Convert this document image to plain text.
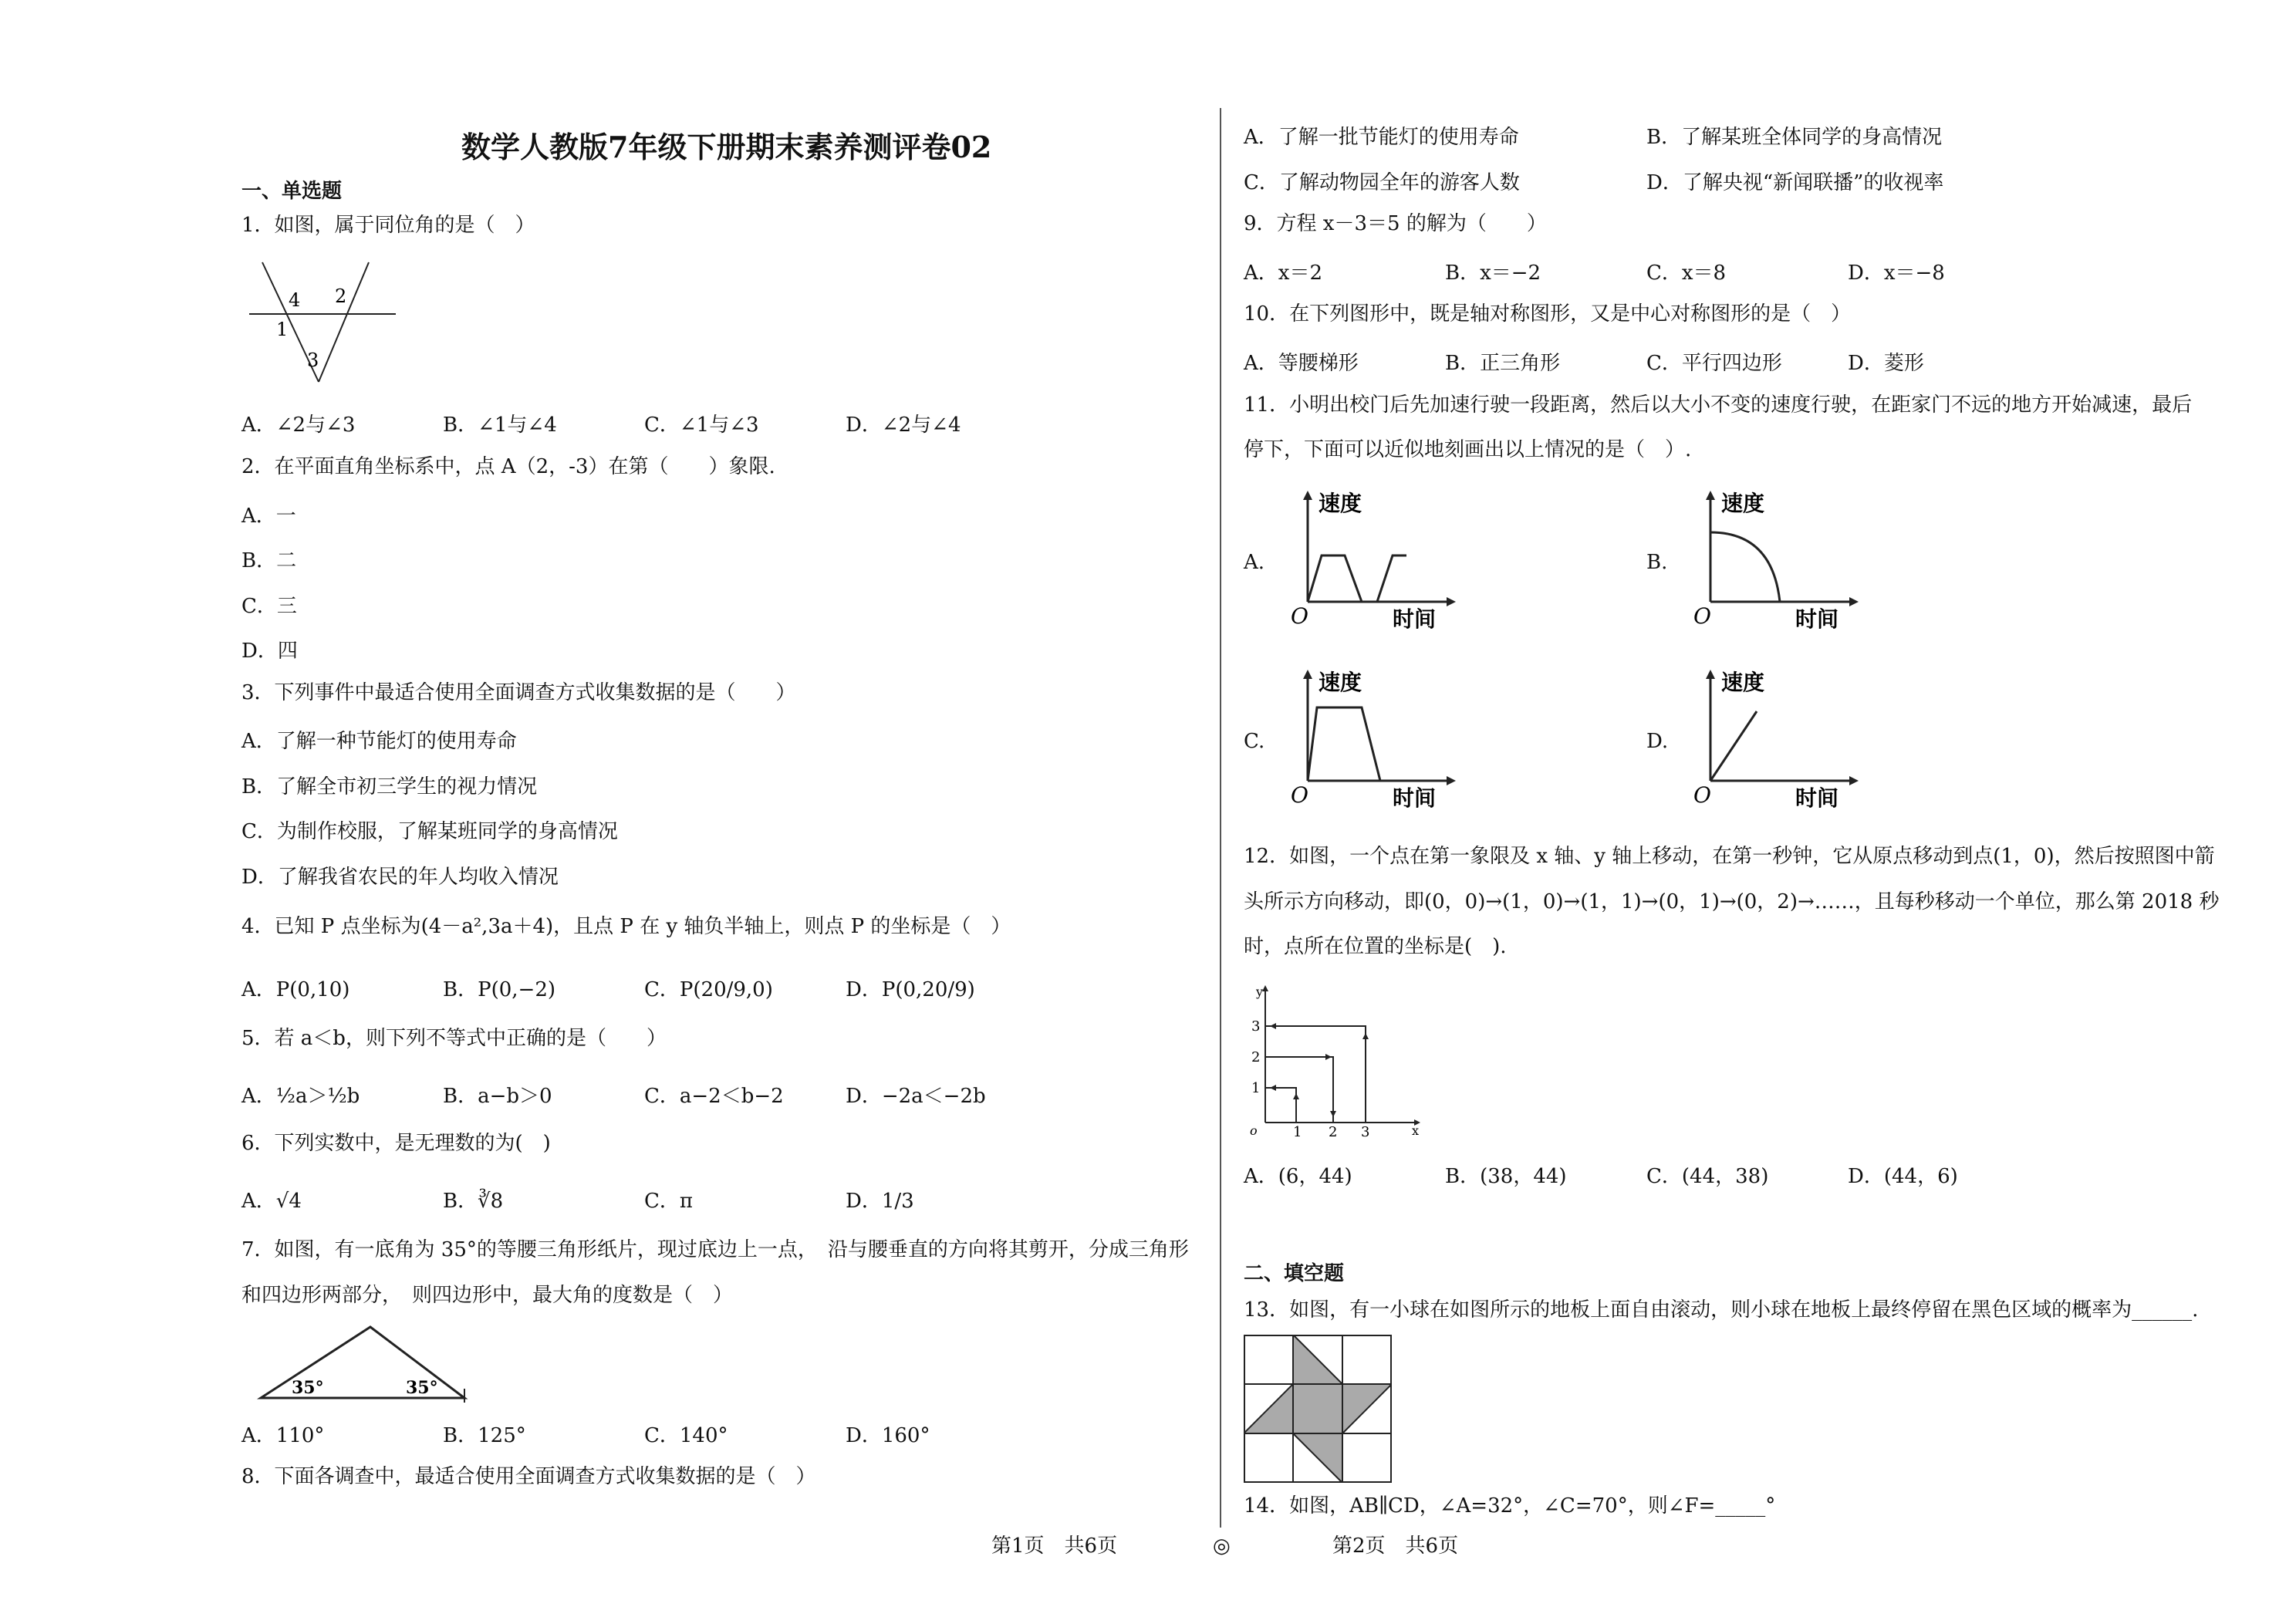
数学人教版7年级下册期末素养测评卷02
一、单选题
1．如图，属于同位角的是（　）
4 2
1
3
A．∠2与∠3	B．∠1与∠4	C．∠1与∠3	D．∠2与∠4
2．在平面直角坐标系中，点 A（2，-3）在第（　　）象限.
A．一
B．二
C．三
D．四
3．下列事件中最适合使用全面调查方式收集数据的是（　　）
A．了解一种节能灯的使用寿命
B．了解全市初三学生的视力情况
C．为制作校服，了解某班同学的身高情况
D．了解我省农民的年人均收入情况
4．已知 P 点坐标为(4－a²,3a＋4)，且点 P 在 y 轴负半轴上，则点 P 的坐标是（　）
A．P(0,10)	B．P(0,−2)	C．P(20/9,0)	D．P(0,20/9)
5．若 a＜b，则下列不等式中正确的是（　　）
A．½a＞½b	B．a−b＞0	C．a−2＜b−2	D．−2a＜−2b
6．下列实数中，是无理数的为(　)
A．√4	B．∛8	C．π	D．1/3
7．如图，有一底角为 35°的等腰三角形纸片，现过底边上一点，　沿与腰垂直的方向将其剪开，分成三角形
和四边形两部分，　则四边形中，最大角的度数是（　）
35°	35°
A．110°	B．125°	C．140°	D．160°
8．下面各调查中，最适合使用全面调查方式收集数据的是（　）
A．了解一批节能灯的使用寿命	B．了解某班全体同学的身高情况
C．了解动物园全年的游客人数	D．了解央视“新闻联播”的收视率
9．方程 x－3＝5 的解为（　　）
A．x＝2	B．x＝−2	C．x＝8	D．x＝−8
10．在下列图形中，既是轴对称图形，又是中心对称图形的是（　）
A．等腰梯形	B．正三角形	C．平行四边形	D．菱形
11．小明出校门后先加速行驶一段距离，然后以大小不变的速度行驶，在距家门不远的地方开始减速，最后
停下，下面可以近似地刻画出以上情况的是（　）.
A.
速度
O	时间
B.
速度
O	时间
C.
速度
O	时间
D.
速度
O	时间
12．如图，一个点在第一象限及 x 轴、y 轴上移动，在第一秒钟，它从原点移动到点(1，0)，然后按照图中箭
头所示方向移动，即(0，0)→(1，0)→(1，1)→(0，1)→(0，2)→……，且每秒移动一个单位，那么第 2018 秒
时，点所在位置的坐标是(　).
y
x
o	1 2 3
1
2
3
A．(6，44)	B．(38，44)	C．(44，38)	D．(44，6)
二、填空题
13．如图，有一小球在如图所示的地板上面自由滚动，则小球在地板上最终停留在黑色区域的概率为______.
14．如图，AB∥CD，∠A=32°，∠C=70°，则∠F=_____°
第1页　共6页	◎	第2页　共6页
